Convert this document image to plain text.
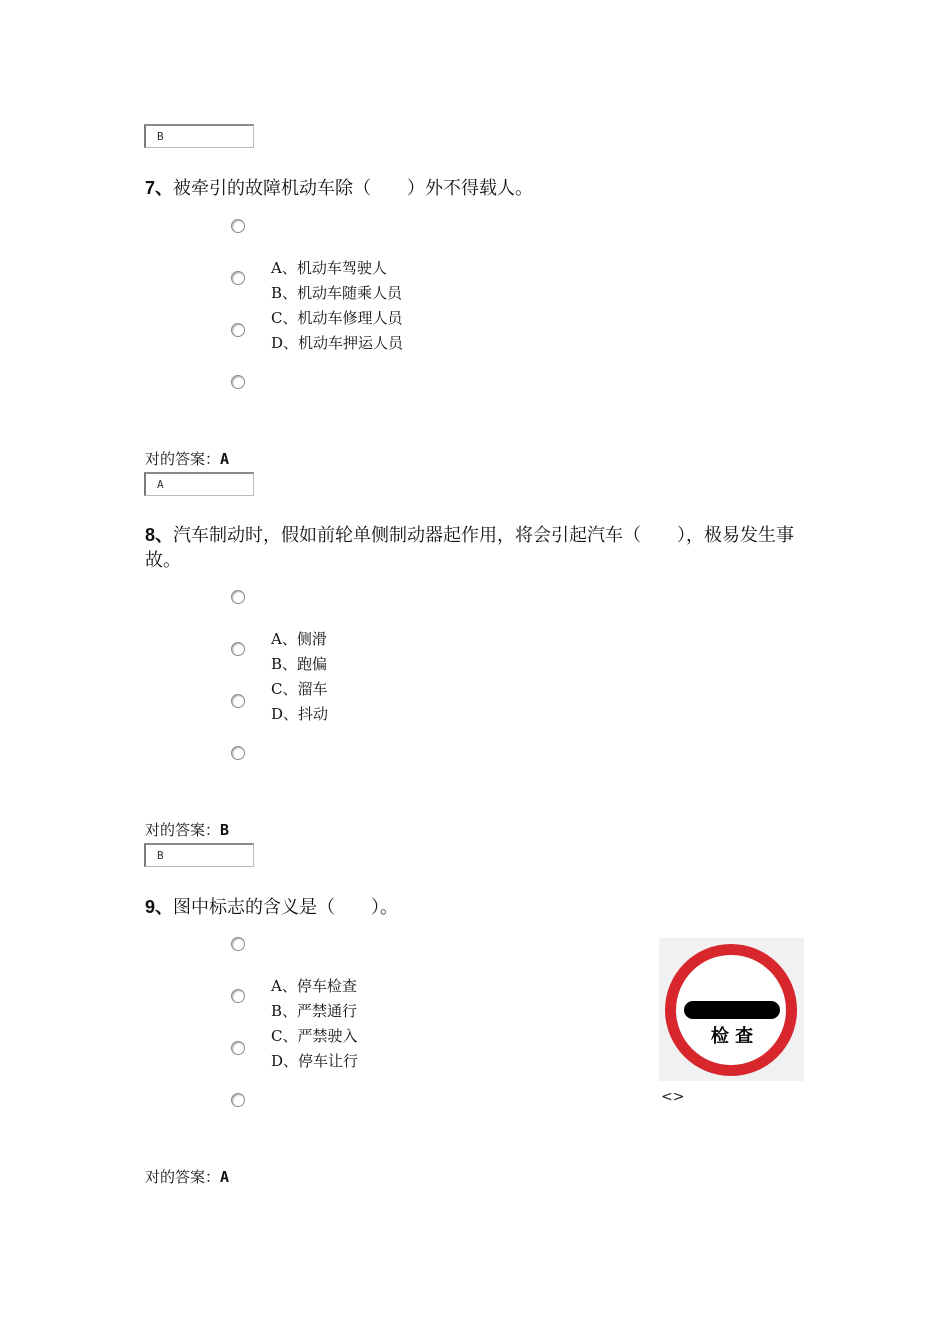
B
7、被牵引的故障机动车除（　　）外不得载人。
A、机动车驾驶人
B、机动车随乘人员
C、机动车修理人员
D、机动车押运人员
对的答案：A
A
8、汽车制动时，假如前轮单侧制动器起作用，将会引起汽车（　　），极易发生事故。
A、侧滑
B、跑偏
C、溜车
D、抖动
对的答案：B
B
9、图中标志的含义是（　　）。
A、停车检查
B、严禁通行
C、严禁驶入
D、停车让行
检 查
<>
对的答案：A
